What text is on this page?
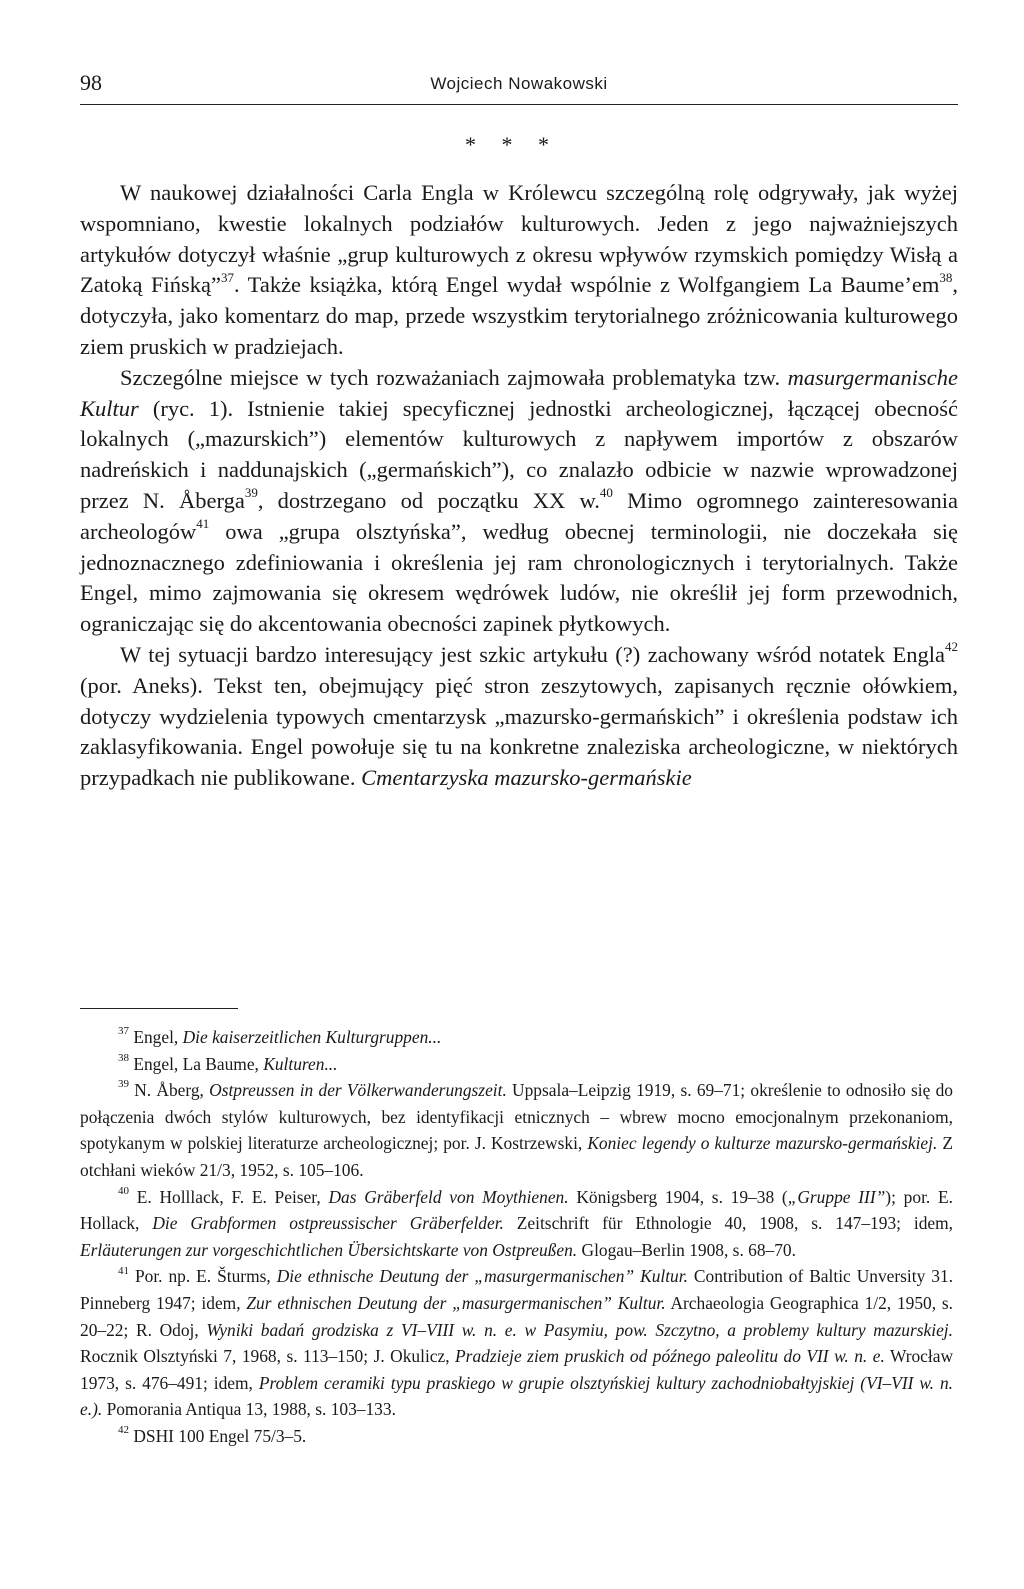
98	Wojciech Nowakowski
* * *

W naukowej działalności Carla Engla w Królewcu szczególną rolę odgrywały, jak wyżej wspomniano, kwestie lokalnych podziałów kulturowych. Jeden z jego najważniejszych artykułów dotyczył właśnie „grup kulturowych z okresu wpływów rzymskich pomiędzy Wisłą a Zatoką Fińską”$^{37}$. Także książka, którą Engel wydał wspólnie z Wolfgangiem La $Baume’em^{38}$, dotyczyła, jako komentarz do map, przede wszystkim terytorialnego zróżnicowania kulturowego ziem pruskich w pradziejach.

Szczególne miejsce w tych rozważaniach zajmowała problematyka tzw. masurgermanische Kultur (ryc. 1). Istnienie takiej specyficznej jednostki archeologicznej, łączącej obecność lokalnych („mazurskich”) elementów kulturowych z napływem importów z obszarów nadreńskich i naddunajskich („germańskich”), co znalazło odbicie w nazwie wprowadzonej przez N. Åberga$^{39}$, dostrzegano od początku XX w.$^{40}$ Mimo ogromnego zainteresowania archeologów$^{41}$ owa „grupa olsztyńska”, według obecnej terminologii, nie doczekała się jednoznacznego zdefiniowania i określenia jej ram chronologicznych i terytorialnych. Także Engel, mimo zajmowania się okresem wędrówek ludów, nie określił jej form przewodnich, ograniczając się do akcentowania obecności zapinek płytkowych.

W tej sytuacji bardzo interesujący jest szkic artykułu (?) zachowany wśród notatek Engla$^{42}$ (por. Aneks). Tekst ten, obejmujący pięć stron zeszytowych, zapisanych ręcznie ołówkiem, dotyczy wydzielenia typowych cmentarzysk „mazursko-germańskich” i określenia podstaw ich zaklasyfikowania. Engel powołuje się tu na konkretne znaleziska archeologiczne, w niektórych przypadkach nie publikowane. Cmentarzyska mazursko-germańskie

$^{37}$ Engel, Die kaiserzeitlichen Kulturgruppen...

$^{38}$ Engel, La Baume, Kulturen...

$^{39}$ N. Åberg, Ostpreussen in der Völkerwanderungszeit. Uppsala–Leipzig 1919, s. 69–71; określenie to odnosiło się do połączenia dwóch stylów kulturowych, bez identyfikacji etnicznych – wbrew mocno emocjonalnym przekonaniom, spotykanym w polskiej literaturze archeologicznej; por. J. Kostrzewski, Koniec legendy o kulturze mazursko-germańskiej. Z otchłani wieków 21/3, 1952, s. 105–106.

$^{40}$ E. Holllack, F. E. Peiser, Das Gräberfeld von Moythienen. Königsberg 1904, s. 19–38 („Gruppe III”); por. E. Hollack, Die Grabformen ostpreussischer Gräberfelder. Zeitschrift für Ethnologie 40, 1908, s. 147–193; idem, Erläuterungen zur vorgeschichtlichen Übersichtskarte von Ostpreußen. Glogau–Berlin 1908, s. 68–70.

$^{41}$ Por. np. E. Šturms, Die ethnische Deutung der „masurgermanischen” Kultur. Contribution of Baltic Unversity 31. Pinneberg 1947; idem, Zur ethnischen Deutung der „masurgermanischen” Kultur. Archaeologia Geographica 1/2, 1950, s. 20–22; R. Odoj, Wyniki badań grodziska z VI–VIII w. n. e. w Pasymiu, pow. Szczytno, a problemy kultury mazurskiej. Rocznik Olsztyński 7, 1968, s. 113–150; J. Okulicz, Pradzieje ziem pruskich od późnego paleolitu do VII w. n. e. Wrocław 1973, s. 476–491; idem, Problem ceramiki typu praskiego w grupie olsztyńskiej kultury zachodniobałtyjskiej (VI–VII w. n. e.). Pomorania Antiqua 13, 1988, s. 103–133.

$^{42}$ DSHI 100 Engel 75/3–5.
